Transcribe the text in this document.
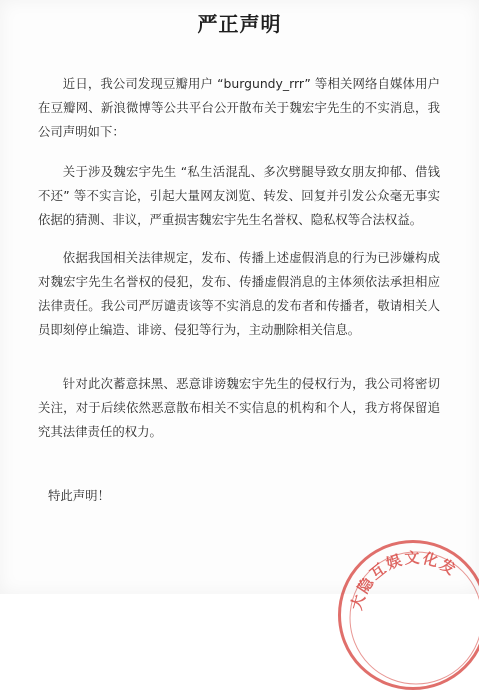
严正声明

近日，我公司发现豆瓣用户 “burgundy_rrr” 等相关网络自媒体用户在豆瓣网、新浪微博等公共平台公开散布关于魏宏宇先生的不实消息，我公司声明如下：

关于涉及魏宏宇先生 “私生活混乱、多次劈腿导致女朋友抑郁、借钱不还” 等不实言论，引起大量网友浏览、转发、回复并引发公众毫无事实依据的猜测、非议，严重损害魏宏宇先生名誉权、隐私权等合法权益。

依据我国相关法律规定，发布、传播上述虚假消息的行为已涉嫌构成对魏宏宇先生名誉权的侵犯，发布、传播虚假消息的主体须依法承担相应法律责任。我公司严厉谴责该等不实消息的发布者和传播者，敬请相关人员即刻停止编造、诽谤、侵犯等行为，主动删除相关信息。

针对此次蓄意抹黑、恶意诽谤魏宏宇先生的侵权行为，我公司将密切关注，对于后续依然恶意散布相关不实信息的机构和个人，我方将保留追究其法律责任的权力。

特此声明！

大隐互娱文化发
